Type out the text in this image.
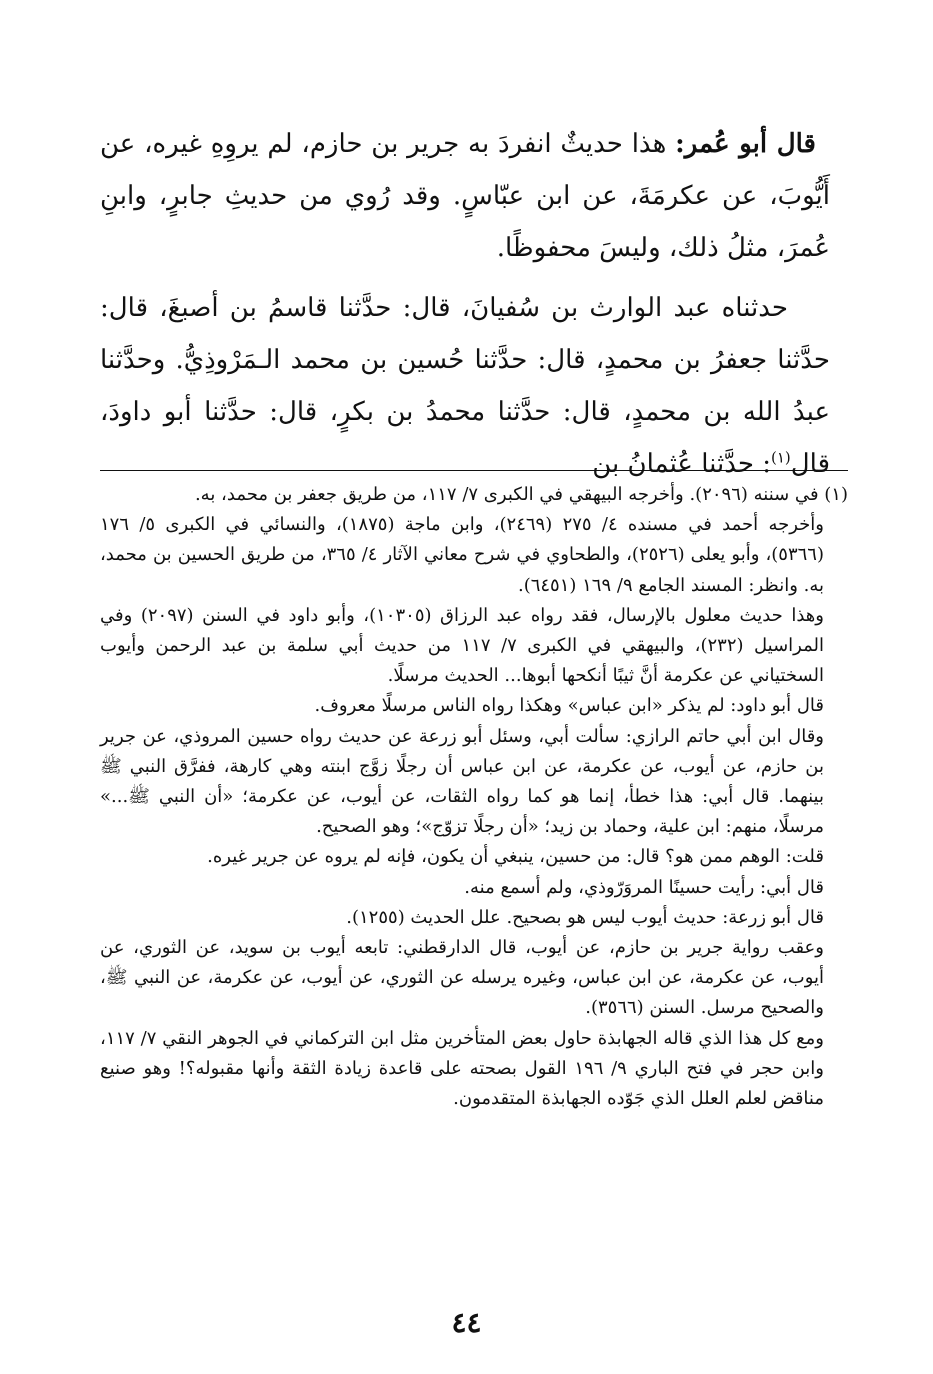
قال أبو عُمر: هذا حديثٌ انفردَ به جرير بن حازم، لم يروِهِ غيره، عن أَيُّوبَ، عن عكرمَةَ، عن ابن عبّاسٍ. وقد رُوي من حديثِ جابرٍ، وابنِ عُمرَ، مثلُ ذلك، وليسَ محفوظًا.

حدثناه عبد الوارث بن سُفيانَ، قال: حدَّثنا قاسمُ بن أصبغَ، قال: حدَّثنا جعفرُ بن محمدٍ، قال: حدَّثنا حُسين بن محمد الـمَرْوذِيُّ. وحدَّثنا عبدُ الله بن محمدٍ، قال: حدَّثنا محمدُ بن بكرٍ، قال: حدَّثنا أبو داودَ، قال$^{(١)}$: حدَّثنا عُثمانُ بن

(١) في سننه (٢٠٩٦). وأخرجه البيهقي في الكبرى ٧/ ١١٧، من طريق جعفر بن محمد، به.

وأخرجه أحمد في مسنده ٤/ ٢٧٥ (٢٤٦٩)، وابن ماجة (١٨٧٥)، والنسائي في الكبرى ٥/ ١٧٦ (٥٣٦٦)، وأبو يعلى (٢٥٢٦)، والطحاوي في شرح معاني الآثار ٤/ ٣٦٥، من طريق الحسين بن محمد، به. وانظر: المسند الجامع ٩/ ١٦٩ (٦٤٥١).

وهذا حديث معلول بالإرسال، فقد رواه عبد الرزاق (١٠٣٠٥)، وأبو داود في السنن (٢٠٩٧) وفي المراسيل (٢٣٢)، والبيهقي في الكبرى ٧/ ١١٧ من حديث أبي سلمة بن عبد الرحمن وأيوب السختياني عن عكرمة أنَّ ثيبًا أنكحها أبوها... الحديث مرسلًا.

قال أبو داود: لم يذكر «ابن عباس» وهكذا رواه الناس مرسلًا معروف.

وقال ابن أبي حاتم الرازي: سألت أبي، وسئل أبو زرعة عن حديث رواه حسين المروذي، عن جرير بن حازم، عن أيوب، عن عكرمة، عن ابن عباس أن رجلًا زوَّج ابنته وهي كارهة، ففرَّق النبي ﷺ بينهما. قال أبي: هذا خطأ، إنما هو كما رواه الثقات، عن أيوب، عن عكرمة؛ «أن النبي ﷺ...» مرسلًا، منهم: ابن علية، وحماد بن زيد؛ «أن رجلًا تزوّج»؛ وهو الصحيح.

قلت: الوهم ممن هو؟ قال: من حسين، ينبغي أن يكون، فإنه لم يروه عن جرير غيره.

قال أبي: رأيت حسينًا المروَرّوذي، ولم أسمع منه.

قال أبو زرعة: حديث أيوب ليس هو بصحيح. علل الحديث (١٢٥٥).

وعقب رواية جرير بن حازم، عن أيوب، قال الدارقطني: تابعه أيوب بن سويد، عن الثوري، عن أيوب، عن عكرمة، عن ابن عباس، وغيره يرسله عن الثوري، عن أيوب، عن عكرمة، عن النبي ﷺ، والصحيح مرسل. السنن (٣٥٦٦).

ومع كل هذا الذي قاله الجهابذة حاول بعض المتأخرين مثل ابن التركماني في الجوهر النقي ٧/ ١١٧، وابن حجر في فتح الباري ٩/ ١٩٦ القول بصحته على قاعدة زيادة الثقة وأنها مقبوله؟! وهو صنيع مناقض لعلم العلل الذي جَوّده الجهابذة المتقدمون.

٤٤
